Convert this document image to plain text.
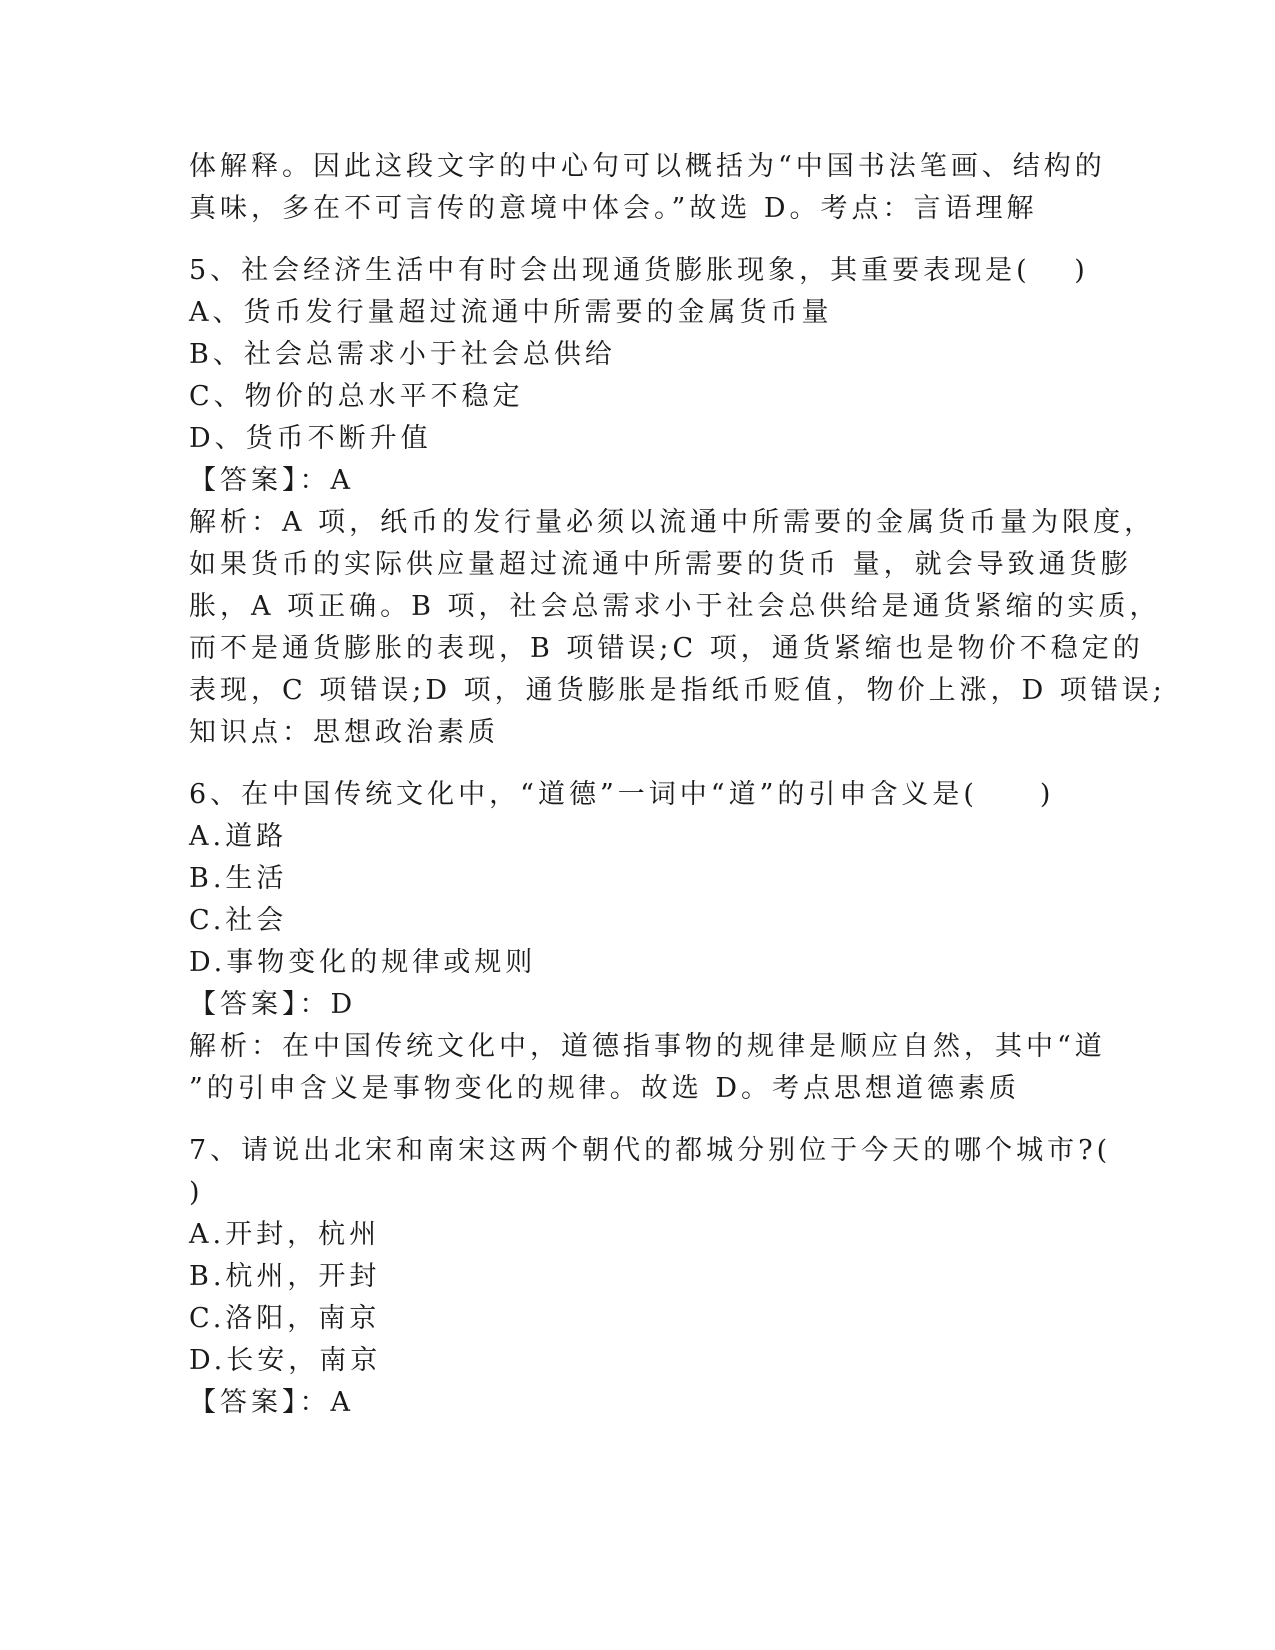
体解释。因此这段文字的中心句可以概括为“中国书法笔画、结构的
真味，多在不可言传的意境中体会。”故选 D。考点：言语理解
5、社会经济生活中有时会出现通货膨胀现象，其重要表现是(　 )
A、货币发行量超过流通中所需要的金属货币量
B、社会总需求小于社会总供给
C、物价的总水平不稳定
D、货币不断升值
【答案】：A
解析：A 项，纸币的发行量必须以流通中所需要的金属货币量为限度，
如果货币的实际供应量超过流通中所需要的货币 量，就会导致通货膨
胀，A 项正确。B 项，社会总需求小于社会总供给是通货紧缩的实质，
而不是通货膨胀的表现，B 项错误;C 项，通货紧缩也是物价不稳定的
表现，C 项错误;D 项，通货膨胀是指纸币贬值，物价上涨，D 项错误;
知识点：思想政治素质
6、在中国传统文化中，“道德”一词中“道”的引申含义是(　　)
A.道路
B.生活
C.社会
D.事物变化的规律或规则
【答案】：D
解析：在中国传统文化中，道德指事物的规律是顺应自然，其中“道
”的引申含义是事物变化的规律。故选 D。考点思想道德素质
7、请说出北宋和南宋这两个朝代的都城分别位于今天的哪个城市?(
)
A.开封，杭州
B.杭州，开封
C.洛阳，南京
D.长安，南京
【答案】：A
